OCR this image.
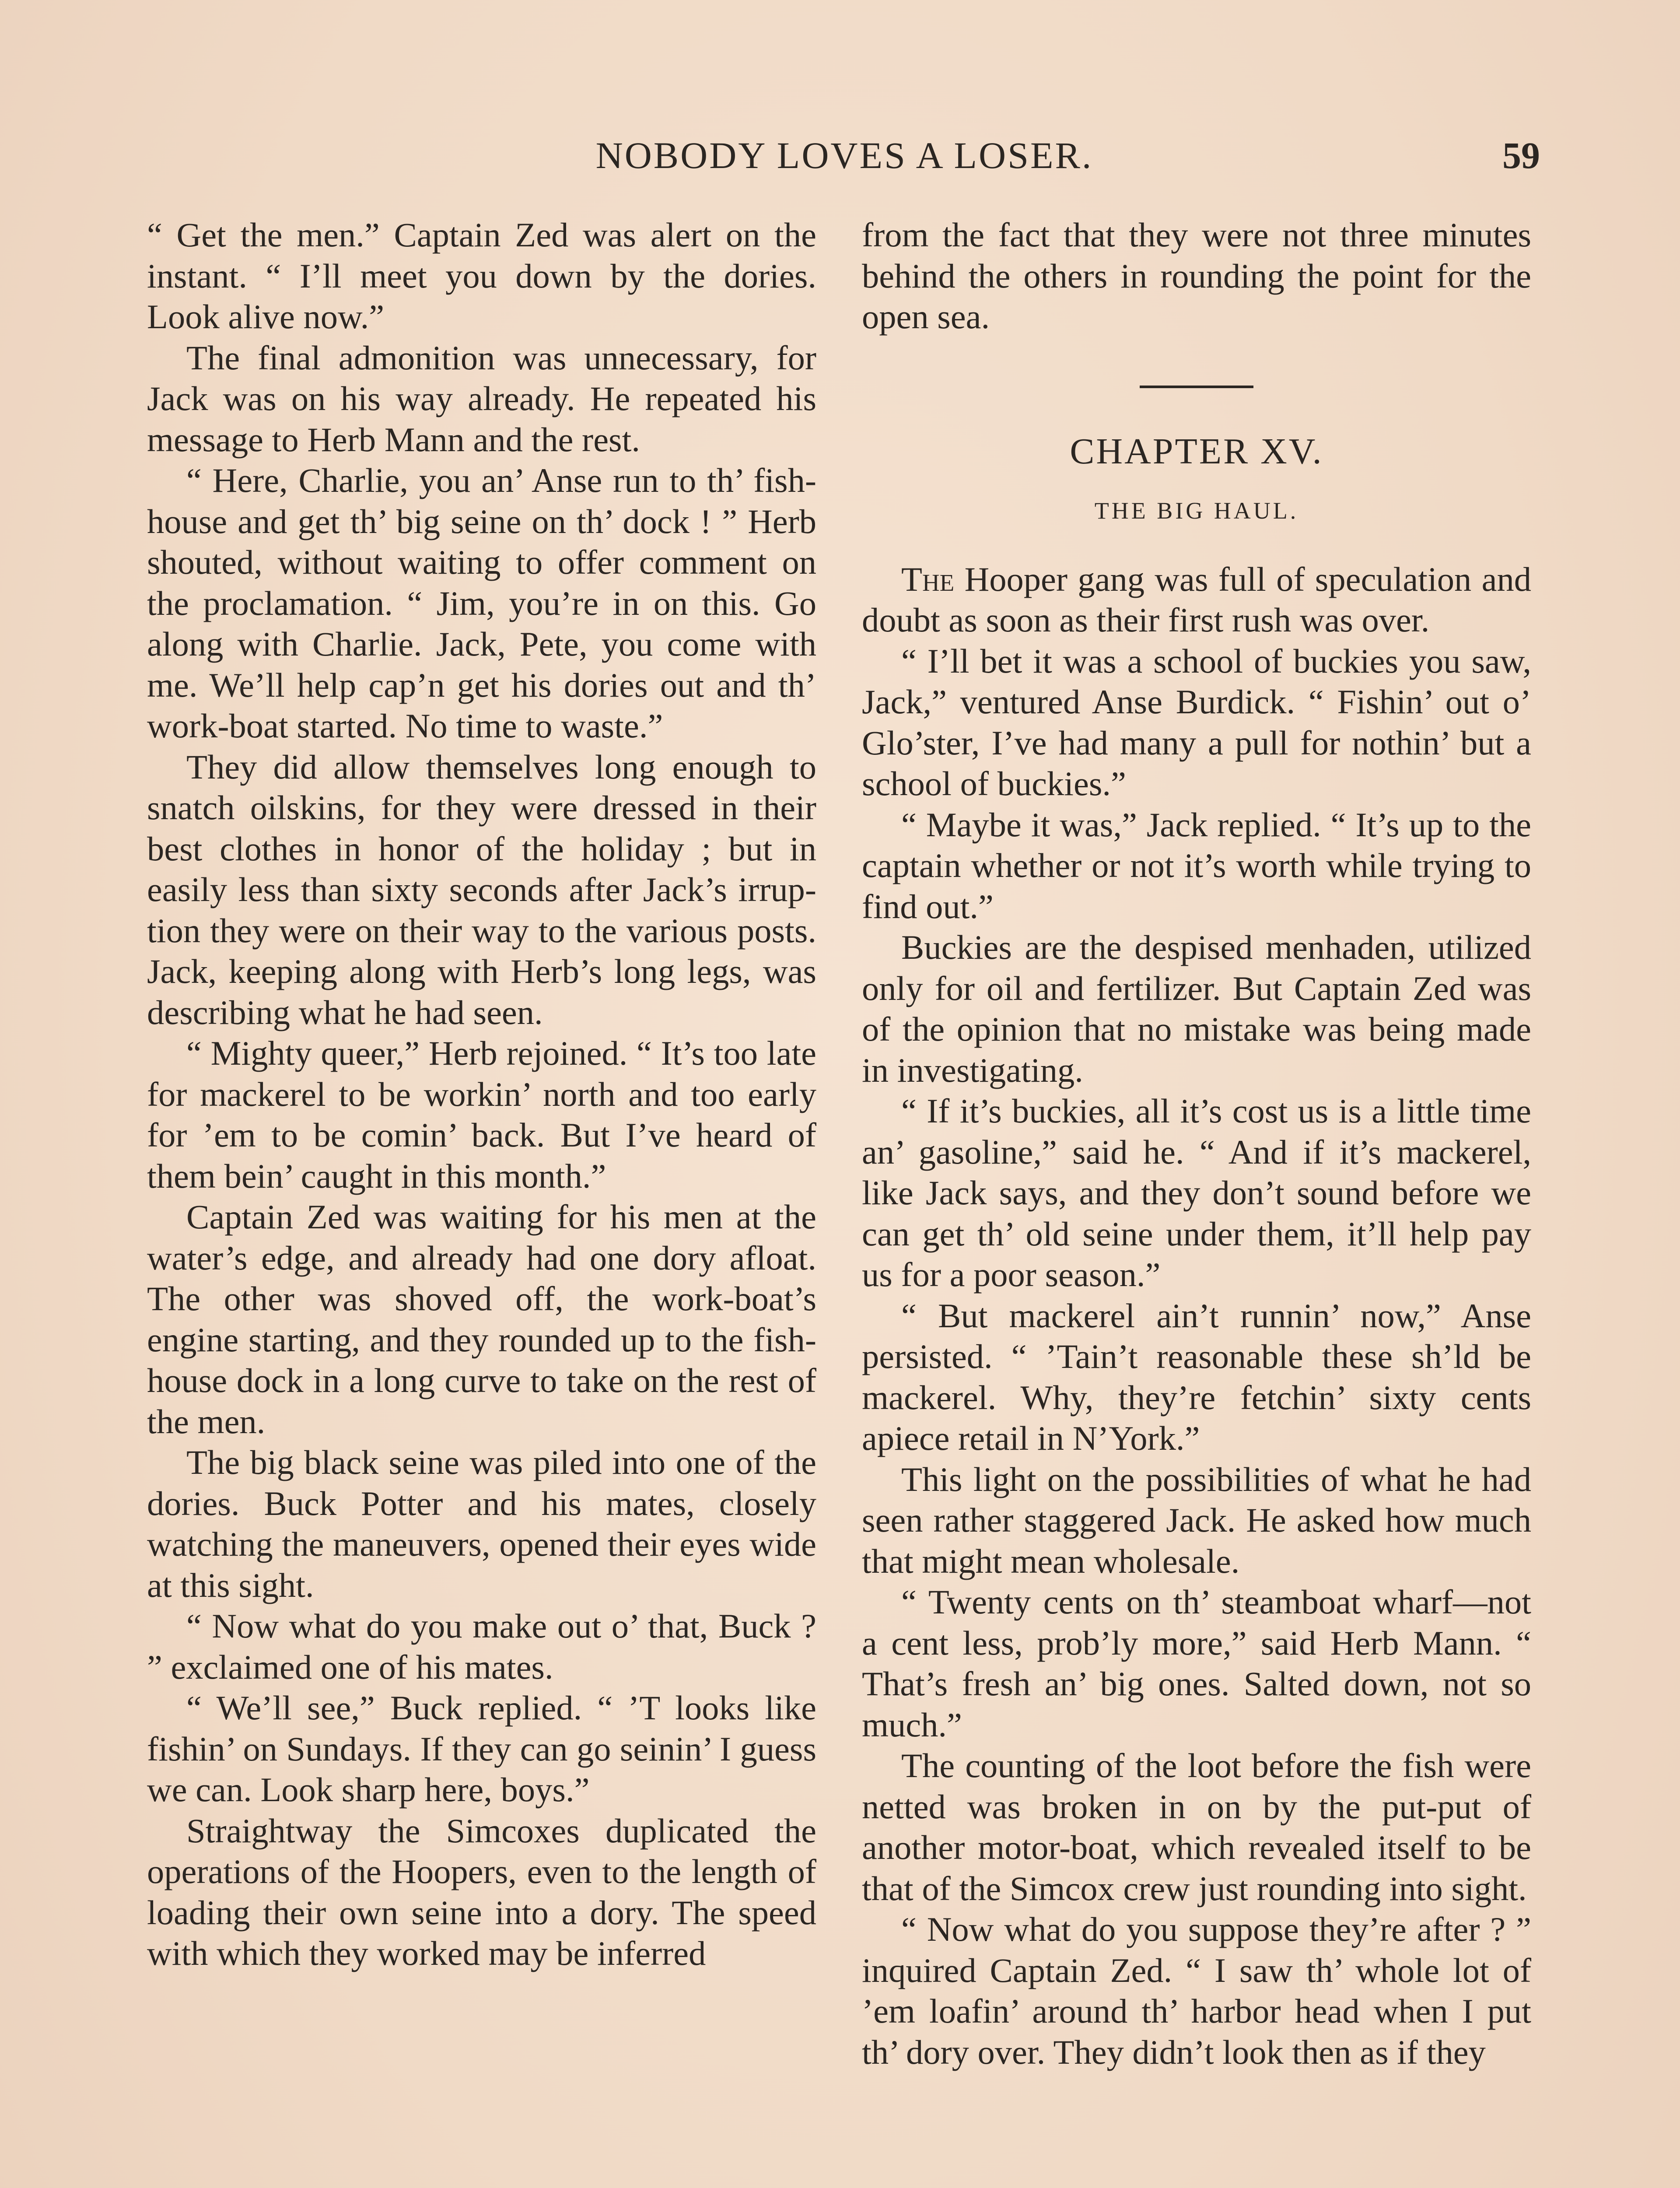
NOBODY LOVES A LOSER.	59

“ Get the men.” Captain Zed was alert on the instant. “ I’ll meet you down by the dories. Look alive now.”

The final admonition was unnecessary, for Jack was on his way already. He repeated his message to Herb Mann and the rest.

“ Here, Charlie, you an’ Anse run to th’ fish-house and get th’ big seine on th’ dock ! ” Herb shouted, without waiting to offer comment on the proclamation. “ Jim, you’re in on this. Go along with Charlie. Jack, Pete, you come with me. We’ll help cap’n get his dories out and th’ work-boat started. No time to waste.”

They did allow themselves long enough to snatch oilskins, for they were dressed in their best clothes in honor of the holiday ; but in easily less than sixty seconds after Jack’s irruption they were on their way to the various posts. Jack, keeping along with Herb’s long legs, was describing what he had seen.

“ Mighty queer,” Herb rejoined. “ It’s too late for mackerel to be workin’ north and too early for ’em to be comin’ back. But I’ve heard of them bein’ caught in this month.”

Captain Zed was waiting for his men at the water’s edge, and already had one dory afloat. The other was shoved off, the work-boat’s engine starting, and they rounded up to the fish-house dock in a long curve to take on the rest of the men.

The big black seine was piled into one of the dories. Buck Potter and his mates, closely watching the maneuvers, opened their eyes wide at this sight.

“ Now what do you make out o’ that, Buck ? ” exclaimed one of his mates.

“ We’ll see,” Buck replied. “ ’T looks like fishin’ on Sundays. If they can go seinin’ I guess we can. Look sharp here, boys.”

Straightway the Simcoxes duplicated the operations of the Hoopers, even to the length of loading their own seine into a dory. The speed with which they worked may be inferred

from the fact that they were not three minutes behind the others in rounding the point for the open sea.

CHAPTER XV.
THE BIG HAUL.

The Hooper gang was full of speculation and doubt as soon as their first rush was over.

“ I’ll bet it was a school of buckies you saw, Jack,” ventured Anse Burdick. “ Fishin’ out o’ Glo’ster, I’ve had many a pull for nothin’ but a school of buckies.”

“ Maybe it was,” Jack replied. “ It’s up to the captain whether or not it’s worth while trying to find out.”

Buckies are the despised menhaden, utilized only for oil and fertilizer. But Captain Zed was of the opinion that no mistake was being made in investigating.

“ If it’s buckies, all it’s cost us is a little time an’ gasoline,” said he. “ And if it’s mackerel, like Jack says, and they don’t sound before we can get th’ old seine under them, it’ll help pay us for a poor season.”

“ But mackerel ain’t runnin’ now,” Anse persisted. “ ’Tain’t reasonable these sh’ld be mackerel. Why, they’re fetchin’ sixty cents apiece retail in N’York.”

This light on the possibilities of what he had seen rather staggered Jack. He asked how much that might mean wholesale.

“ Twenty cents on th’ steamboat wharf—not a cent less, prob’ly more,” said Herb Mann. “ That’s fresh an’ big ones. Salted down, not so much.”

The counting of the loot before the fish were netted was broken in on by the put-put of another motor-boat, which revealed itself to be that of the Simcox crew just rounding into sight.

“ Now what do you suppose they’re after ? ” inquired Captain Zed. “ I saw th’ whole lot of ’em loafin’ around th’ harbor head when I put th’ dory over. They didn’t look then as if they
